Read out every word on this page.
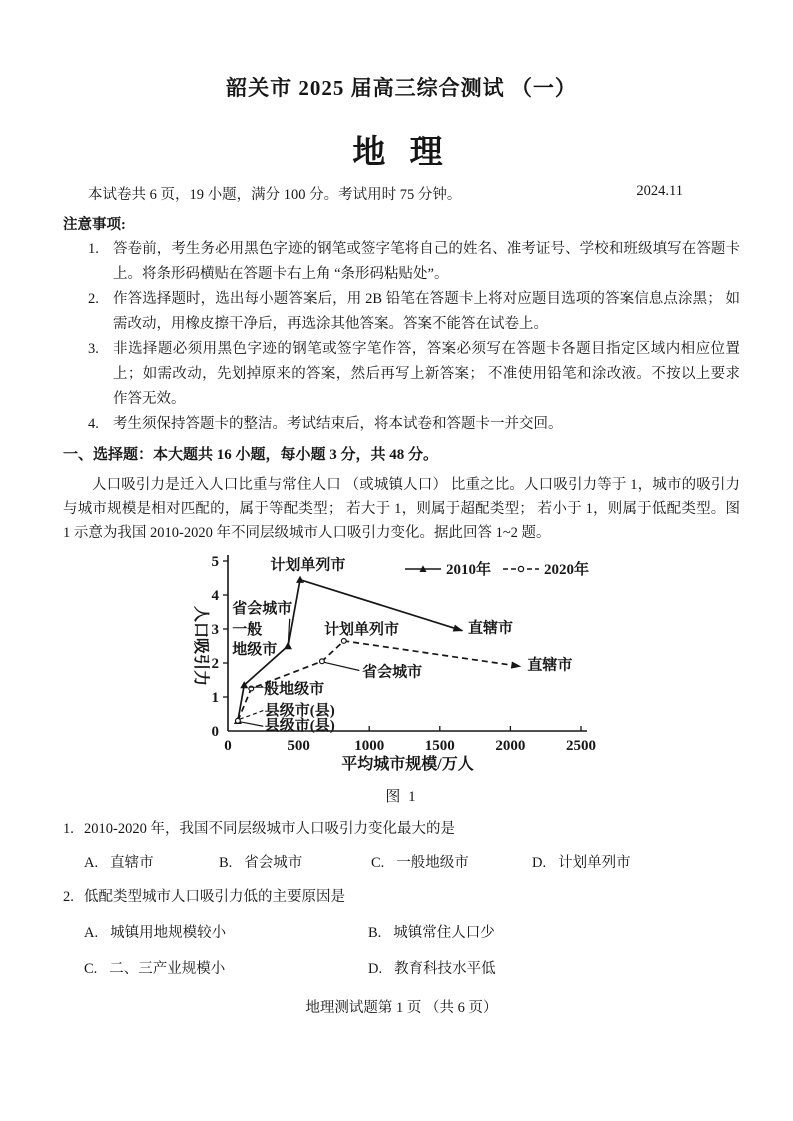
韶关市 2025 届高三综合测试 （一）
地 理
本试卷共 6 页，19 小题，满分 100 分。考试用时 75 分钟。	2024.11
注意事项:
1. 答卷前，考生务必用黑色字迹的钢笔或签字笔将自己的姓名、准考证号、学校和班级填写在答题卡上。将条形码横贴在答题卡右上角 “条形码粘贴处”。
2. 作答选择题时，选出每小题答案后，用 2B 铅笔在答题卡上将对应题目选项的答案信息点涂黑； 如需改动，用橡皮擦干净后，再选涂其他答案。答案不能答在试卷上。
3. 非选择题必须用黑色字迹的钢笔或签字笔作答，答案必须写在答题卡各题目指定区域内相应位置上；如需改动，先划掉原来的答案，然后再写上新答案； 不准使用铅笔和涂改液。不按以上要求作答无效。
4. 考生须保持答题卡的整洁。考试结束后，将本试卷和答题卡一并交回。
一、选择题：本大题共 16 小题，每小题 3 分，共 48 分。

人口吸引力是迁入人口比重与常住人口 （或城镇人口） 比重之比。人口吸引力等于 1，城市的吸引力与城市规模是相对匹配的，属于等配类型； 若大于 1，则属于超配类型； 若小于 1，则属于低配类型。图 1 示意为我国 2010-2020 年不同层级城市人口吸引力变化。据此回答 1~2 题。

0
1
2
3
4
5
0	500	1000	1500	2000	2500
平均城市规模/万人
人口吸引力
2010年	2020年
计划单列市
省会城市
一般
地级市
计划单列市
省会城市
一般地级市
县级市(县)
县级市(县)
直辖市
直辖市
图 1
1. 2010-2020 年，我国不同层级城市人口吸引力变化最大的是
A. 直辖市	B. 省会城市	C. 一般地级市	D. 计划单列市
2. 低配类型城市人口吸引力低的主要原因是
A. 城镇用地规模较小	B. 城镇常住人口少
C. 二、三产业规模小	D. 教育科技水平低
地理测试题第 1 页 （共 6 页）
